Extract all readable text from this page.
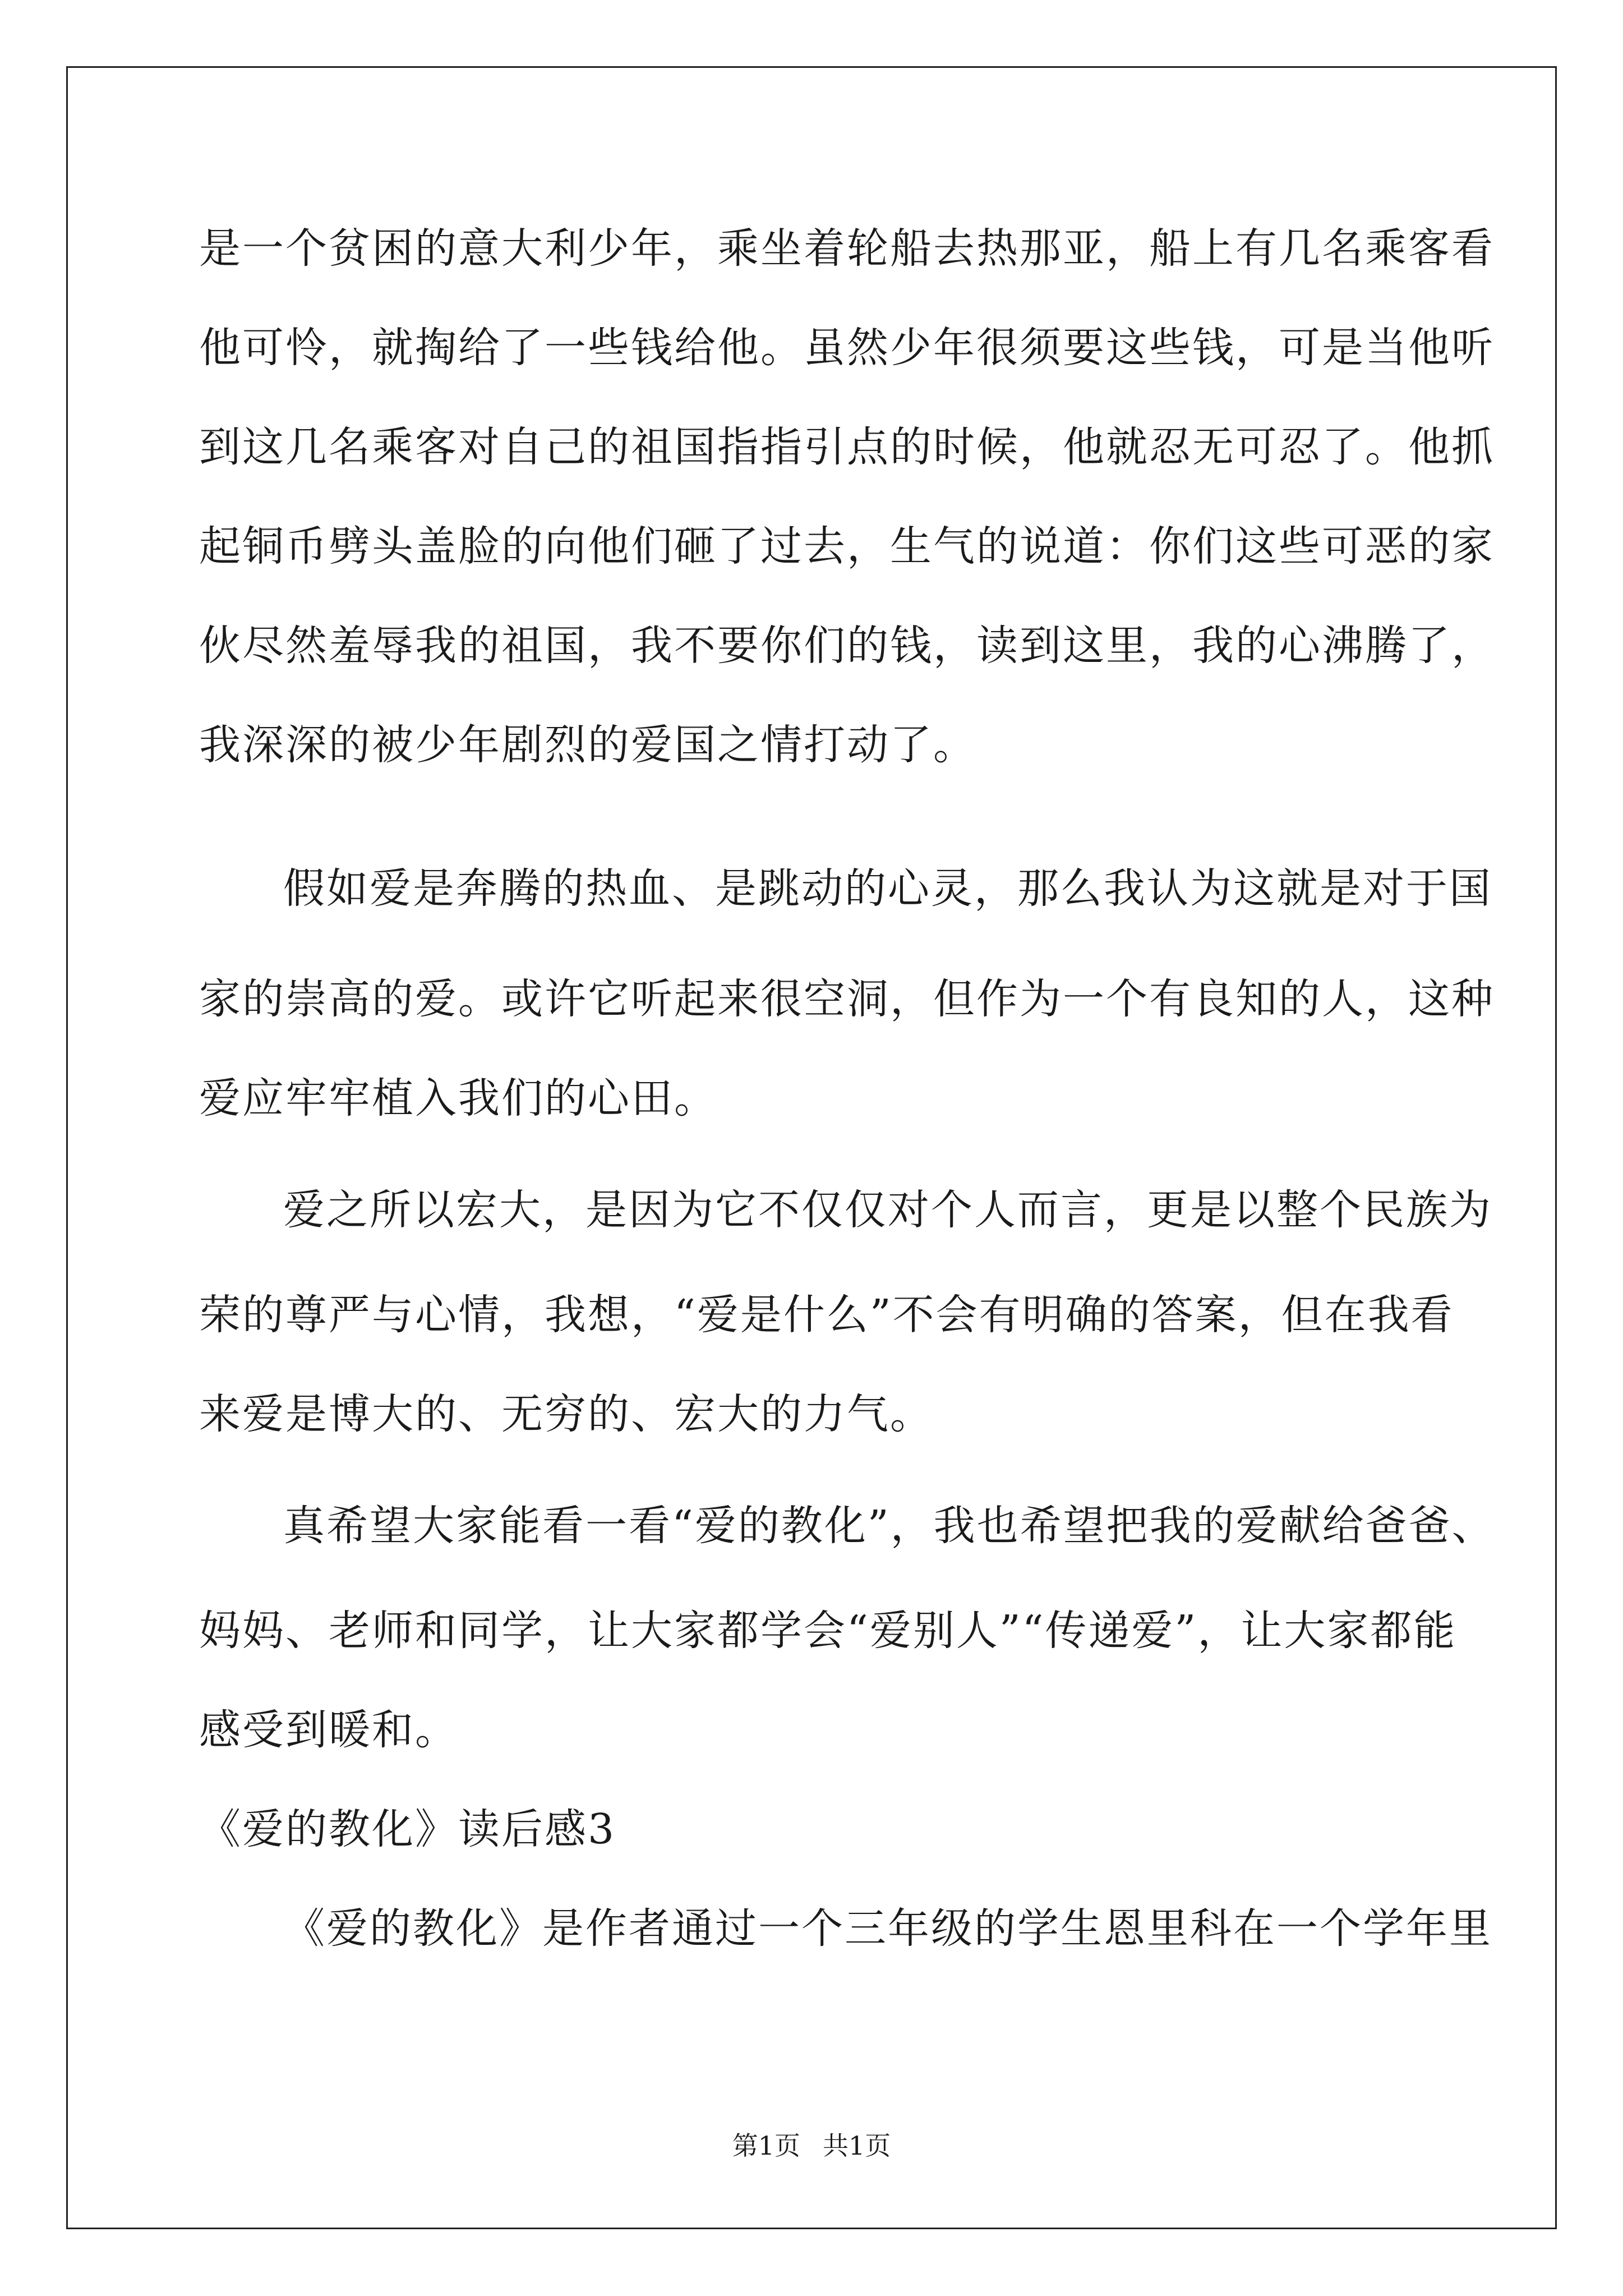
是一个贫困的意大利少年，乘坐着轮船去热那亚，船上有几名乘客看
他可怜，就掏给了一些钱给他。虽然少年很须要这些钱，可是当他听
到这几名乘客对自己的祖国指指引点的时候，他就忍无可忍了。他抓
起铜币劈头盖脸的向他们砸了过去，生气的说道：你们这些可恶的家
伙尽然羞辱我的祖国，我不要你们的钱，读到这里，我的心沸腾了，
我深深的被少年剧烈的爱国之情打动了。
假如爱是奔腾的热血、是跳动的心灵，那么我认为这就是对于国
家的崇高的爱。或许它听起来很空洞，但作为一个有良知的人，这种
爱应牢牢植入我们的心田。
爱之所以宏大，是因为它不仅仅对个人而言，更是以整个民族为
荣的尊严与心情，我想，“爱是什么”不会有明确的答案，但在我看
来爱是博大的、无穷的、宏大的力气。
真希望大家能看一看“爱的教化”，我也希望把我的爱献给爸爸、
妈妈、老师和同学，让大家都学会“爱别人”“传递爱”，让大家都能
感受到暖和。
《爱的教化》读后感3
《爱的教化》是作者通过一个三年级的学生恩里科在一个学年里
第1页 共1页
